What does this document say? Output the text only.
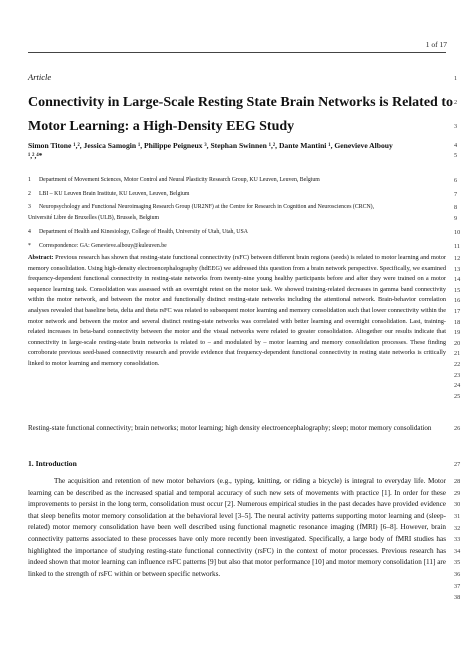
1 of 17
Article
Connectivity in Large-Scale Resting State Brain Networks is Related to
Motor Learning: a High-Density EEG Study
Simon Titone ¹,², Jessica Samogin ¹, Philippe Peigneux ³, Stephan Swinnen ¹,², Dante Mantini ¹, Genevieve Albouy
¹,²,⁴*
1 Department of Movement Sciences, Motor Control and Neural Plasticity Research Group, KU Leuven, Leuven, Belgium
2 LBI – KU Leuven Brain Institute, KU Leuven, Leuven, Belgium
3 Neuropsychology and Functional Neuroimaging Research Group (UR2NF) at the Centre for Research in Cognition and Neurosciences (CRCN),
Université Libre de Bruxelles (ULB), Brussels, Belgium
4 Department of Health and Kinesiology, College of Health, University of Utah, Utah, USA
* Correspondence: GA: Genevieve.albouy@kuleuven.be
Abstract: Previous research has shown that resting-state functional connectivity (rsFC) between different brain regions (seeds) is related to motor learning and motor memory consolidation. Using high-density electroencephalography (hdEEG) we addressed this question from a brain network perspective. Specifically, we examined frequency-dependent functional connectivity in resting-state networks from twenty-nine young healthy participants before and after they were trained on a motor sequence learning task. Consolidation was assessed with an overnight retest on the motor task. We showed training-related decreases in gamma band connectivity within the motor network, and between the motor and functionally distinct resting-state networks including the attentional network. Brain-behavior correlation analyses revealed that baseline beta, delta and theta rsFC was related to subsequent motor learning and memory consolidation such that lower connectivity within the motor network and between the motor and several distinct resting-state networks was correlated with better learning and overnight consolidation. Last, training-related increases in beta-band connectivity between the motor and the visual networks were related to greater consolidation. Altogether our results indicate that connectivity in large-scale resting-state brain networks is related to – and modulated by – motor learning and memory consolidation processes. These finding corroborate previous seed-based connectivity research and provide evidence that frequency-dependent functional connectivity in resting state networks is critically linked to motor learning and memory consolidation.
Resting-state functional connectivity; brain networks; motor learning; high density electroencephalography; sleep; motor memory consolidation
1. Introduction
The acquisition and retention of new motor behaviors (e.g., typing, knitting, or riding a bicycle) is integral to everyday life. Motor learning can be described as the increased spatial and temporal accuracy of such new sets of movements with practice [1]. In order for these improvements to persist in the long term, consolidation must occur [2]. Numerous empirical studies in the past decades have provided evidence that sleep benefits motor memory consolidation at the behavioral level [3–5]. The neural activity patterns supporting motor learning and (sleep-related) motor memory consolidation have been well described using functional magnetic resonance imaging (fMRI) [6–8]. However, brain connectivity patterns associated to these processes have only more recently been investigated. Specifically, a large body of fMRI studies has highlighted the importance of studying resting-state functional connectivity (rsFC) in the context of motor processes. Previous research has indeed shown that motor learning can influence rsFC patterns [9] but also that motor performance [10] and motor memory consolidation [11] are linked to the strength of rsFC within or between specific networks.
1
2
3
4
5
6
7
8
9
10
11
12
13
14
15
16
17
18
19
20
21
22
23
24
25
26
27
28
29
30
31
32
33
34
35
36
37
38
